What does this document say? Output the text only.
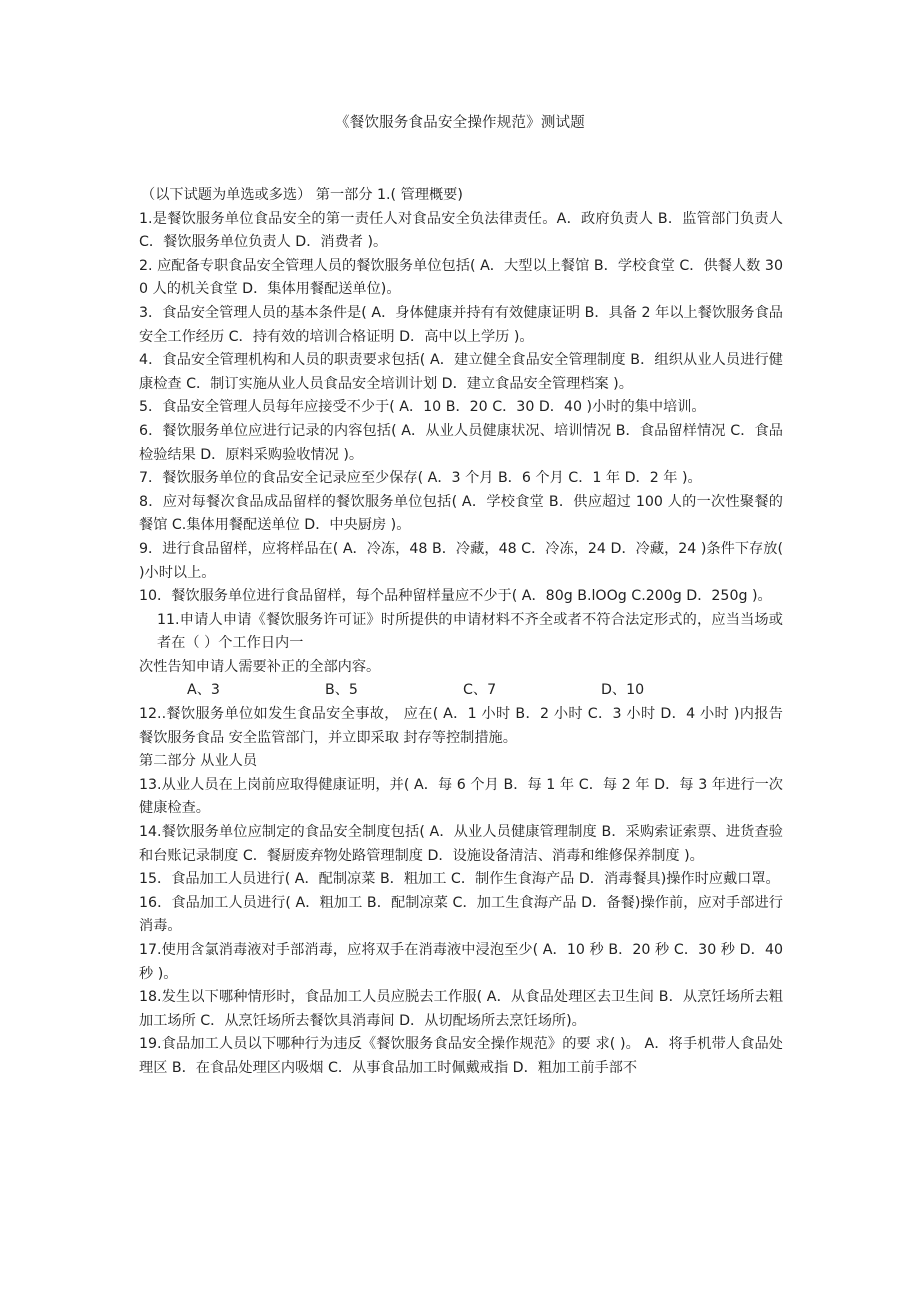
《餐饮服务食品安全操作规范》测试题

（以下试题为单选或多选） 第一部分 1.( 管理概要)

1.是餐饮服务单位食品安全的第一责任人对食品安全负法律责任。A．政府负责人 B．监管部门负责人 C．餐饮服务单位负责人 D．消费者 )。

2. 应配备专职食品安全管理人员的餐饮服务单位包括( A．大型以上餐馆 B．学校食堂 C．供餐人数 300 人的机关食堂 D．集体用餐配送单位)。

3．食品安全管理人员的基本条件是( A．身体健康并持有有效健康证明 B．具备 2 年以上餐饮服务食品安全工作经历 C．持有效的培训合格证明 D．高中以上学历 )。

4．食品安全管理机构和人员的职责要求包括( A．建立健全食品安全管理制度 B．组织从业人员进行健康检查 C．制订实施从业人员食品安全培训计划 D．建立食品安全管理档案 )。

5．食品安全管理人员每年应接受不少于( A．10 B．20 C．30 D．40 )小时的集中培训。

6．餐饮服务单位应进行记录的内容包括( A．从业人员健康状况、培训情况 B．食品留样情况 C．食品检验结果 D．原料采购验收情况 )。

7．餐饮服务单位的食品安全记录应至少保存( A．3 个月 B．6 个月 C．1 年 D．2 年 )。

8．应对每餐次食品成品留样的餐饮服务单位包括( A．学校食堂 B．供应超过 100 人的一次性聚餐的餐馆 C.集体用餐配送单位 D．中央厨房 )。

9．进行食品留样，应将样品在( A．冷冻，48 B．冷藏，48 C．冷冻，24 D．冷藏，24 )条件下存放( )小时以上。

10．餐饮服务单位进行食品留样，每个品种留样量应不少于( A．80g B.lOOg C.200g D．250g )。

11.申请人申请《餐饮服务许可证》时所提供的申请材料不齐全或者不符合法定形式的，应当当场或者在（ ）个工作日内一

次性告知申请人需要补正的全部内容。

A、3	B、5	C、7	D、10

12..餐饮服务单位如发生食品安全事故， 应在( A．1 小时 B．2 小时 C．3 小时 D．4 小时 )内报告 餐饮服务食品 安全监管部门，并立即采取 封存等控制措施。

第二部分 从业人员

13.从业人员在上岗前应取得健康证明，并( A．每 6 个月 B．每 1 年 C．每 2 年 D．每 3 年进行一次健康检查。

14.餐饮服务单位应制定的食品安全制度包括( A．从业人员健康管理制度 B．采购索证索票、进货查验和台账记录制度 C．餐厨废弃物处路管理制度 D．设施设备清洁、消毒和维修保养制度 )。

15．食品加工人员进行( A．配制凉菜 B．粗加工 C．制作生食海产品 D．消毒餐具)操作时应戴口罩。

16．食品加工人员进行( A．粗加工 B．配制凉菜 C．加工生食海产品 D．备餐)操作前，应对手部进行消毒。

17.使用含氯消毒液对手部消毒，应将双手在消毒液中浸泡至少( A．10 秒 B．20 秒 C．30 秒 D．40 秒 )。

18.发生以下哪种情形时，食品加工人员应脱去工作服( A．从食品处理区去卫生间 B．从烹饪场所去粗加工场所 C．从烹饪场所去餐饮具消毒间 D．从切配场所去烹饪场所)。

19.食品加工人员以下哪种行为违反《餐饮服务食品安全操作规范》的要 求( )。 A．将手机带人食品处理区 B．在食品处理区内吸烟 C．从事食品加工时佩戴戒指 D．粗加工前手部不
